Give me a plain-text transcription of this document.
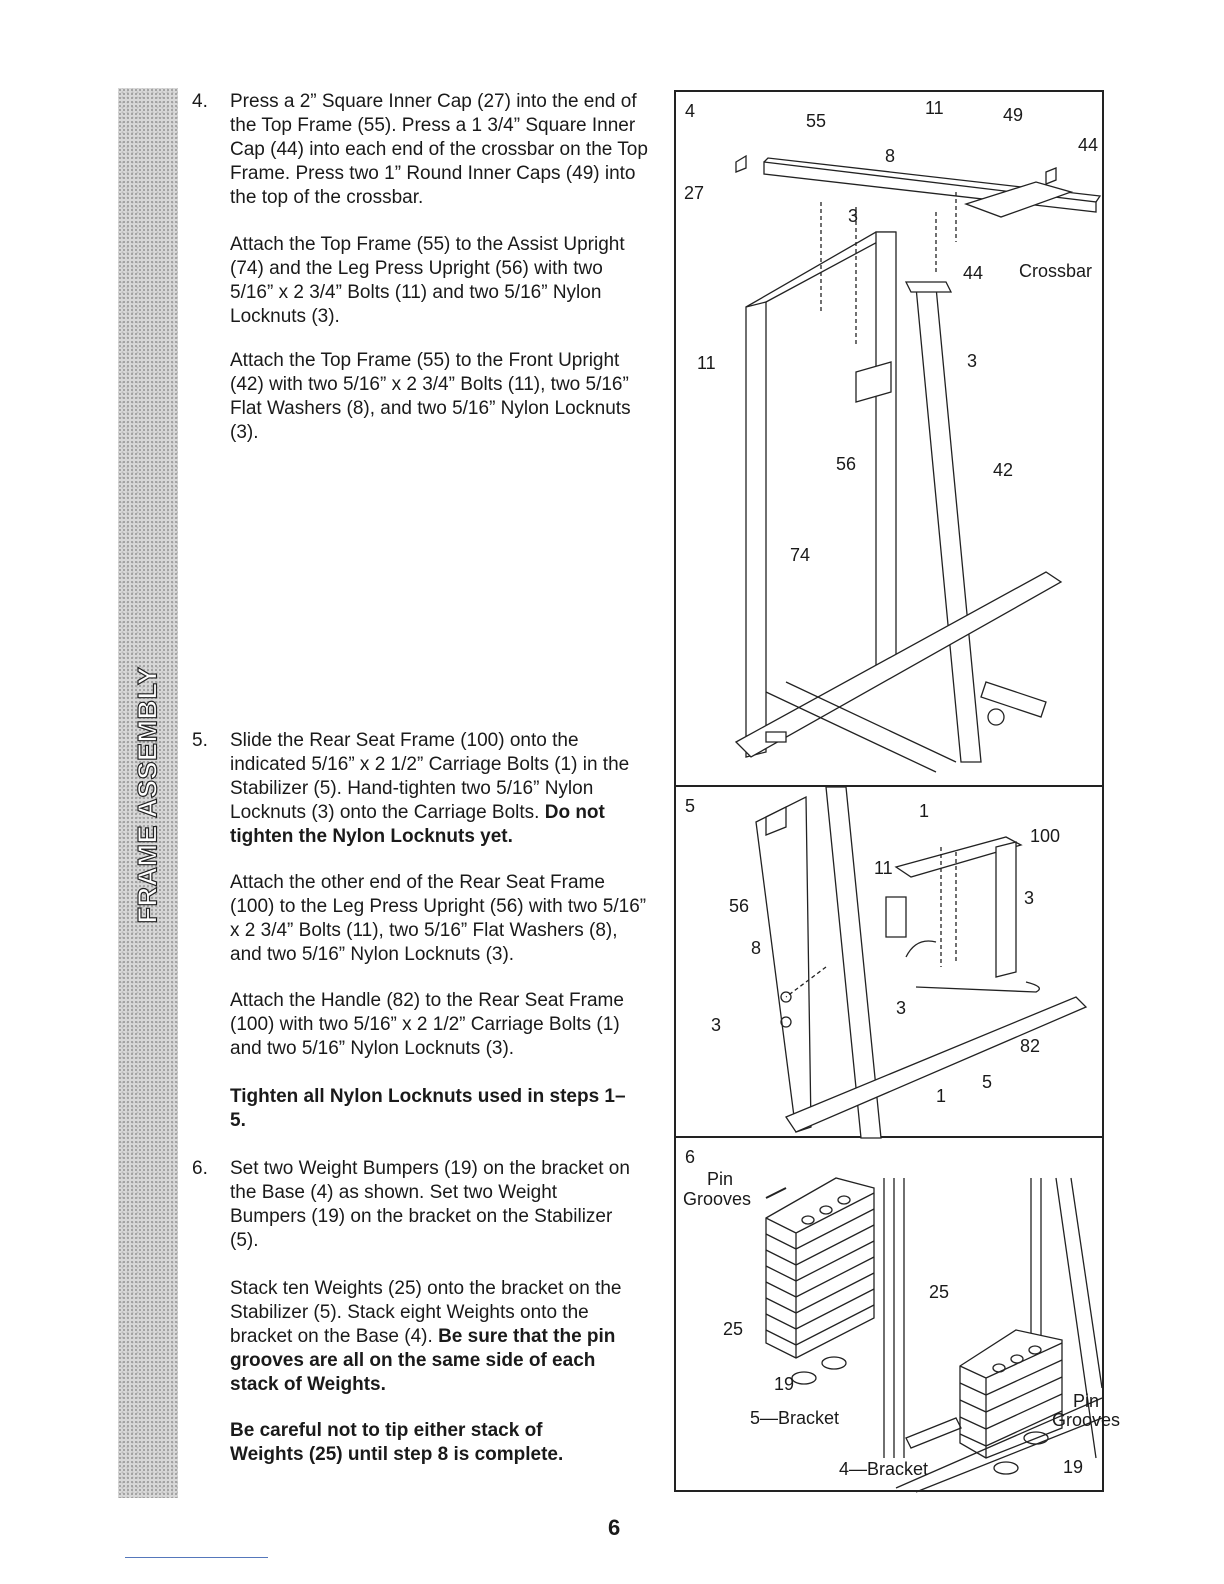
FRAME ASSEMBLY
4. Press a 2” Square Inner Cap (27) into the end of the Top Frame (55). Press a 1 3/4” Square Inner Cap (44) into each end of the crossbar on the Top Frame. Press two 1” Round Inner Caps (49) into the top of the crossbar.
Attach the Top Frame (55) to the Assist Upright (74) and the Leg Press Upright (56) with two 5/16” x 2 3/4” Bolts (11) and two 5/16” Nylon Locknuts (3).
Attach the Top Frame (55) to the Front Upright (42) with two 5/16” x 2 3/4” Bolts (11), two 5/16” Flat Washers (8), and two 5/16” Nylon Locknuts (3).
5. Slide the Rear Seat Frame (100) onto the indicated 5/16” x 2 1/2” Carriage Bolts (1) in the Stabilizer (5). Hand-tighten two 5/16” Nylon Locknuts (3) onto the Carriage Bolts. Do not tighten the Nylon Locknuts yet.
Attach the other end of the Rear Seat Frame (100) to the Leg Press Upright (56) with two 5/16” x 2 3/4” Bolts (11), two 5/16” Flat Washers (8), and two 5/16” Nylon Locknuts (3).
Attach the Handle (82) to the Rear Seat Frame (100) with two 5/16” x 2 1/2” Carriage Bolts (1) and two 5/16” Nylon Locknuts (3).
Tighten all Nylon Locknuts used in steps 1–5.
6. Set two Weight Bumpers (19) on the bracket on the Base (4) as shown. Set two Weight Bumpers (19) on the bracket on the Stabilizer (5).
Stack ten Weights (25) onto the bracket on the Stabilizer (5). Stack eight Weights onto the bracket on the Base (4). Be sure that the pin grooves are all on the same side of each stack of Weights.
Be careful not to tip either stack of Weights (25) until step 8 is complete.
4	55
11	49
8
44
27
3
44 Crossbar
11	3
56	42
74
5	1
100
11
56	3
8
3
3
82
1
5
6
Pin
Grooves
25
25
19
5—Bracket
Pin
Grooves
4—Bracket	19
6
